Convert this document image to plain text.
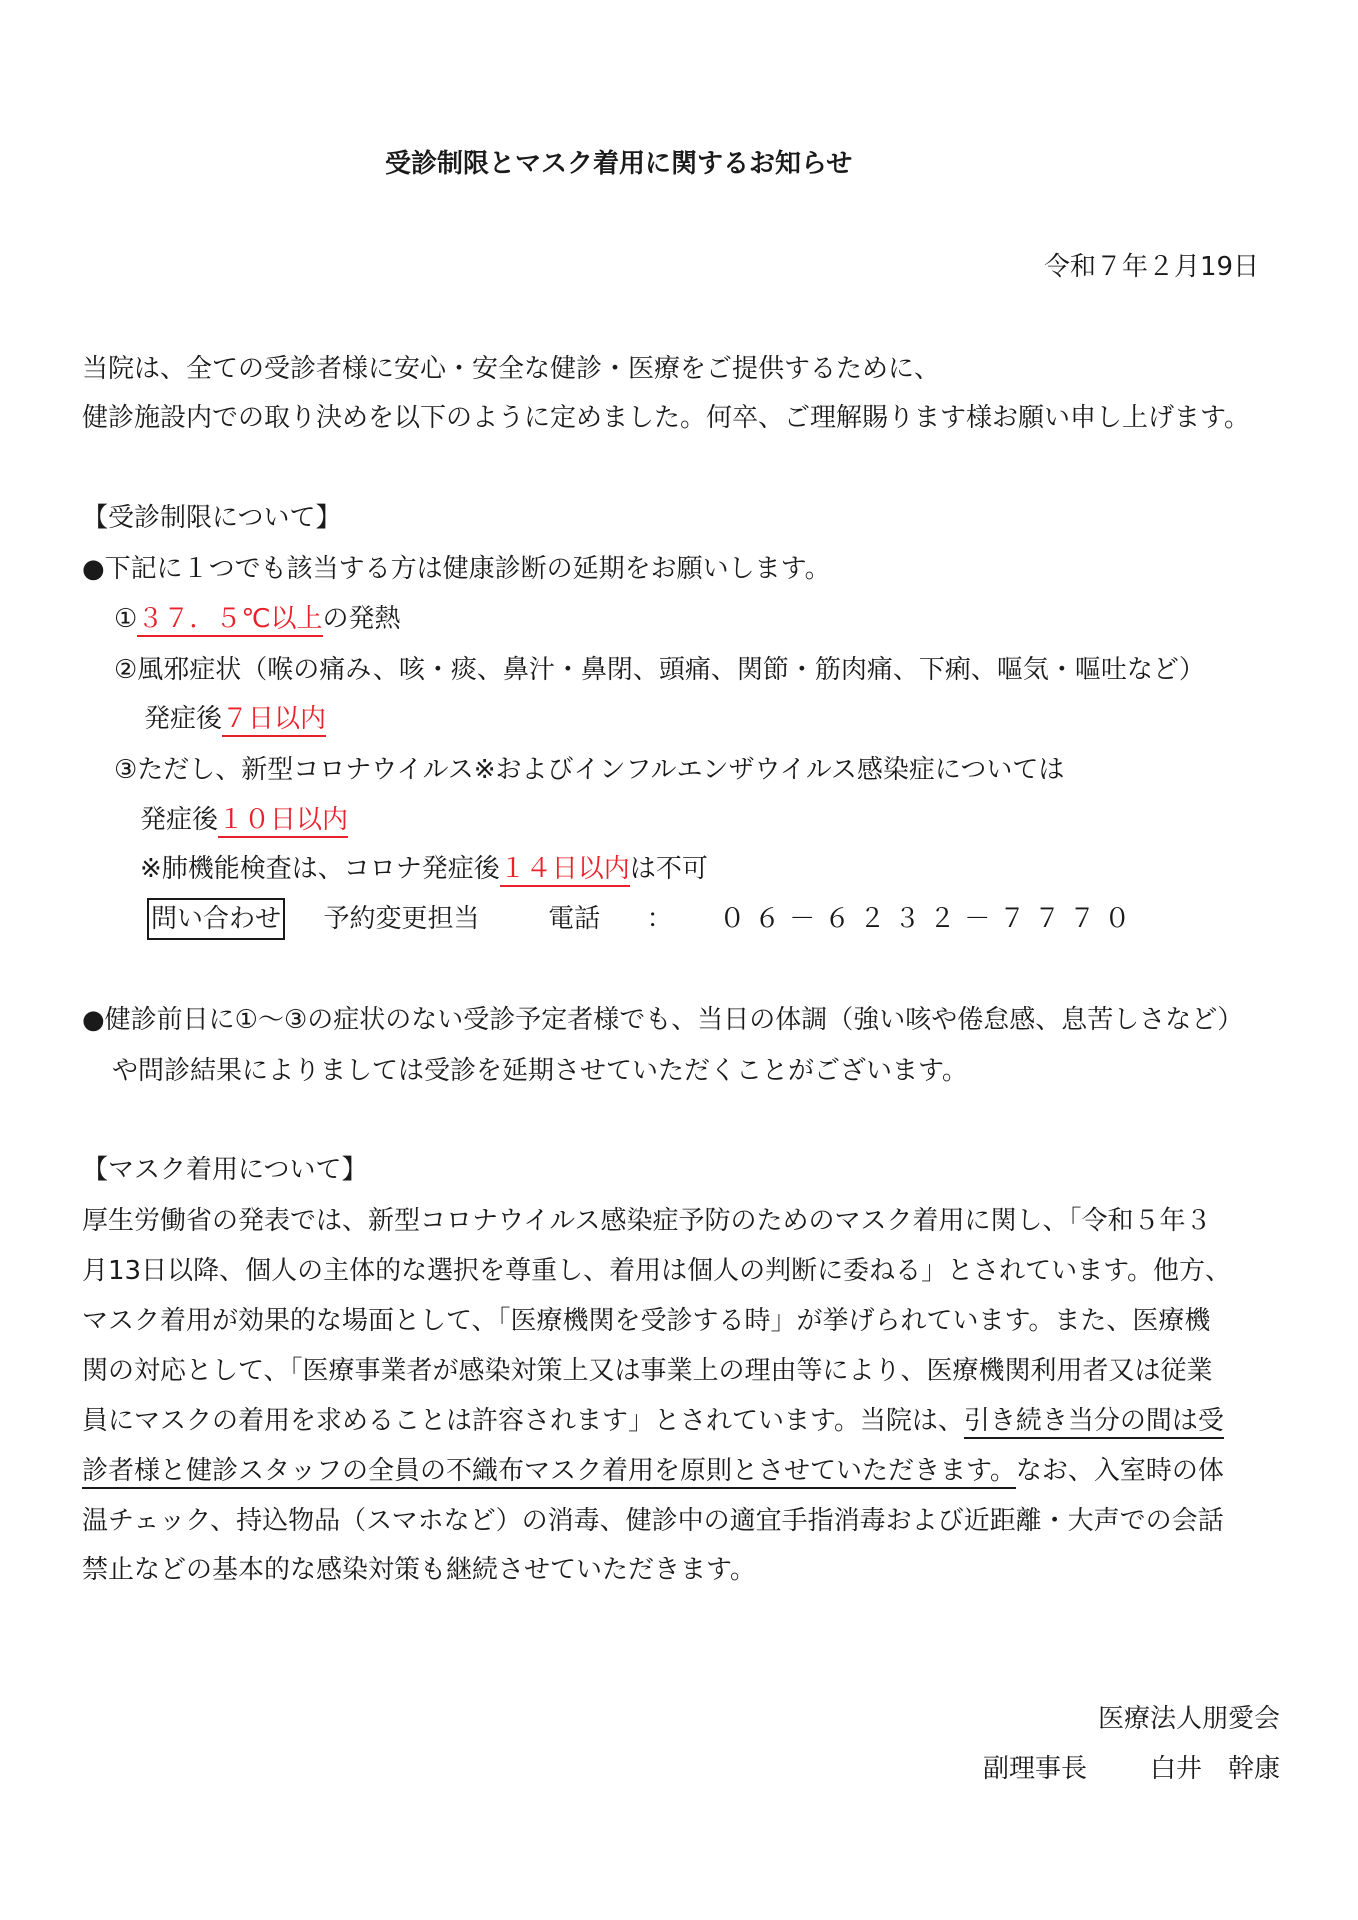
受診制限とマスク着用に関するお知らせ
令和７年２月19日
当院は、全ての受診者様に安心・安全な健診・医療をご提供するために、
健診施設内での取り決めを以下のように定めました。何卒、ご理解賜ります様お願い申し上げます。
【受診制限について】
●下記に１つでも該当する方は健康診断の延期をお願いします。
①３７．５℃以上の発熱
②風邪症状（喉の痛み、咳・痰、鼻汁・鼻閉、頭痛、関節・筋肉痛、下痢、嘔気・嘔吐など）
発症後７日以内
③ただし、新型コロナウイルス※およびインフルエンザウイルス感染症については
発症後１０日以内
※肺機能検査は、コロナ発症後１４日以内は不可
問い合わせ 予約変更担当	電話 ： ０６－６２３２－７７７０
●健診前日に①～③の症状のない受診予定者様でも、当日の体調（強い咳や倦怠感、息苦しさなど）
や問診結果によりましては受診を延期させていただくことがございます。
【マスク着用について】
厚生労働省の発表では、新型コロナウイルス感染症予防のためのマスク着用に関し、「令和５年３
月13日以降、個人の主体的な選択を尊重し、着用は個人の判断に委ねる」とされています。他方、
マスク着用が効果的な場面として、「医療機関を受診する時」が挙げられています。また、医療機
関の対応として、「医療事業者が感染対策上又は事業上の理由等により、医療機関利用者又は従業
員にマスクの着用を求めることは許容されます」とされています。当院は、引き続き当分の間は受
診者様と健診スタッフの全員の不織布マスク着用を原則とさせていただきます。なお、入室時の体
温チェック、持込物品（スマホなど）の消毒、健診中の適宜手指消毒および近距離・大声での会話
禁止などの基本的な感染対策も継続させていただきます。
医療法人朋愛会
副理事長 白井　幹康
